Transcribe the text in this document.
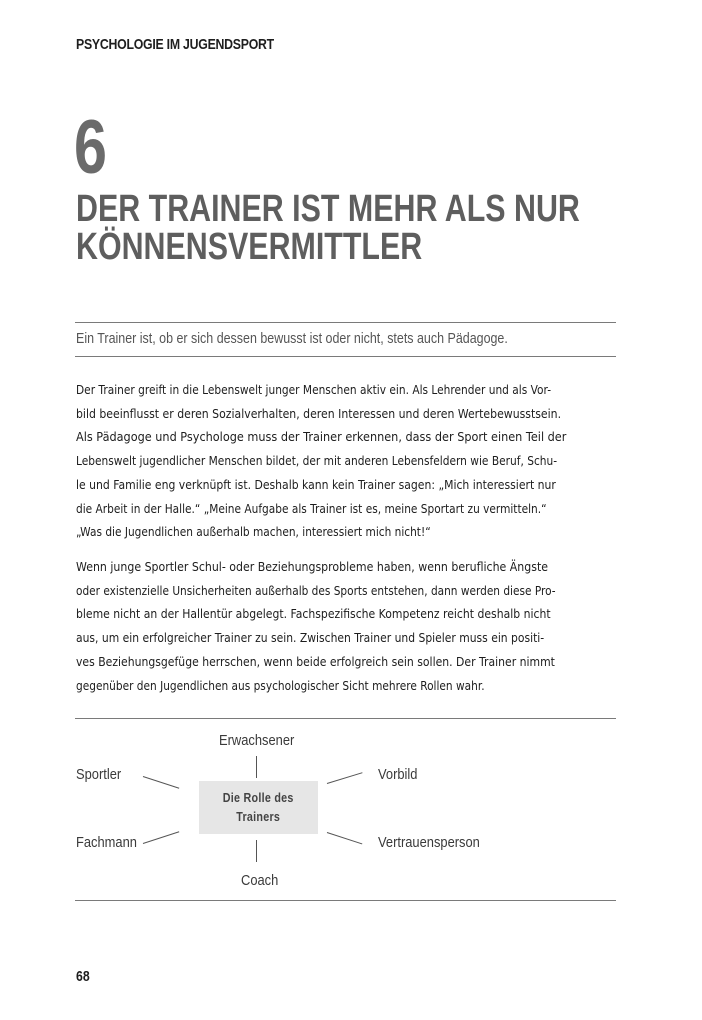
PSYCHOLOGIE IM JUGENDSPORT
6
DER TRAINER IST MEHR ALS NUR
KÖNNENSVERMITTLER
Ein Trainer ist, ob er sich dessen bewusst ist oder nicht, stets auch Pädagoge.
Der Trainer greift in die Lebenswelt junger Menschen aktiv ein. Als Lehrender und als Vor-
bild beeinflusst er deren Sozialverhalten, deren Interessen und deren Wertebewusstsein.
Als Pädagoge und Psychologe muss der Trainer erkennen, dass der Sport einen Teil der
Lebenswelt jugendlicher Menschen bildet, der mit anderen Lebensfeldern wie Beruf, Schu-
le und Familie eng verknüpft ist. Deshalb kann kein Trainer sagen: „Mich interessiert nur
die Arbeit in der Halle.“ „Meine Aufgabe als Trainer ist es, meine Sportart zu vermitteln.“
„Was die Jugendlichen außerhalb machen, interessiert mich nicht!“
Wenn junge Sportler Schul- oder Beziehungsprobleme haben, wenn berufliche Ängste
oder existenzielle Unsicherheiten außerhalb des Sports entstehen, dann werden diese Pro-
bleme nicht an der Hallentür abgelegt. Fachspezifische Kompetenz reicht deshalb nicht
aus, um ein erfolgreicher Trainer zu sein. Zwischen Trainer und Spieler muss ein positi-
ves Beziehungsgefüge herrschen, wenn beide erfolgreich sein sollen. Der Trainer nimmt
gegenüber den Jugendlichen aus psychologischer Sicht mehrere Rollen wahr.
Erwachsener
Sportler	Vorbild
Fachmann	Vertrauensperson
Coach
Die Rolle des
Trainers
68
